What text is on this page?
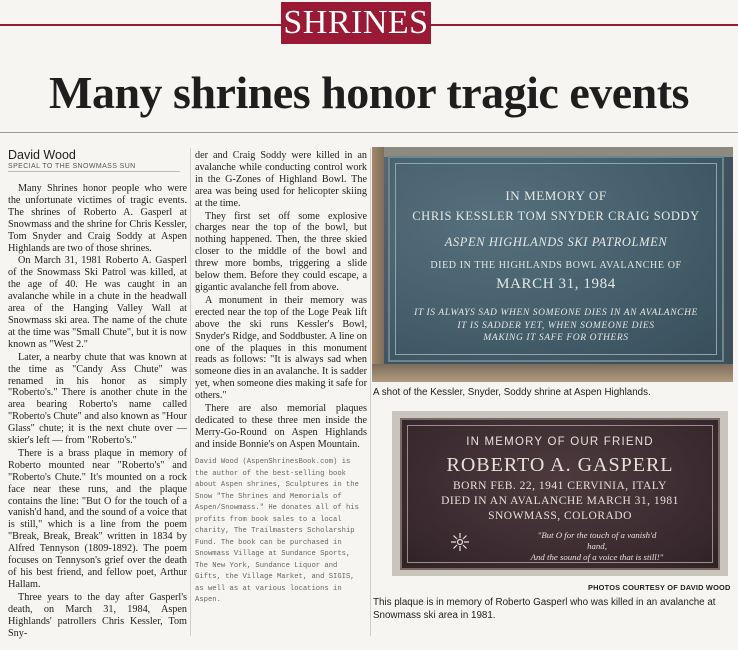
SHRINES
Many shrines honor tragic events
David Wood
SPECIAL TO THE SNOWMASS SUN

Many Shrines honor people who were the unfortunate victimes of tragic events. The shrines of Roberto A. Gasperl at Snowmass and the shrine for Chris Kessler, Tom Snyder and Craig Soddy at Aspen Highlands are two of those shrines.

On March 31, 1981 Roberto A. Gasperl of the Snowmass Ski Patrol was killed, at the age of 40. He was caught in an avalanche while in a chute in the headwall area of the Hanging Valley Wall at Snowmass ski area. The name of the chute at the time was "Small Chute", but it is now known as "West 2."

Later, a nearby chute that was known at the time as "Candy Ass Chute" was renamed in his honor as simply "Roberto's." There is another chute in the area bearing Roberto's name called "Roberto's Chute" and also known as "Hour Glass" chute; it is the next chute over — skier's left — from "Roberto's."

There is a brass plaque in memory of Roberto mounted near "Roberto's" and "Roberto's Chute." It's mounted on a rock face near these runs, and the plaque contains the line: "But O for the touch of a vanish'd hand, and the sound of a voice that is still," which is a line from the poem "Break, Break, Break" written in 1834 by Alfred Tennyson (1809-1892). The poem focuses on Tennyson's grief over the death of his best friend, and fellow poet, Arthur Hallam.

Three years to the day after Gasperl's death, on March 31, 1984, Aspen Highlands' patrollers Chris Kessler, Tom Sny-

der and Craig Soddy were killed in an avalanche while conducting control work in the G-Zones of Highland Bowl. The area was being used for helicopter skiing at the time.

They first set off some explosive charges near the top of the bowl, but nothing happened. Then, the three skied closer to the middle of the bowl and threw more bombs, triggering a slide below them. Before they could escape, a gigantic avalanche fell from above.

A monument in their memory was erected near the top of the Loge Peak lift above the ski runs Kessler's Bowl, Snyder's Ridge, and Soddbuster. A line on one of the plaques in this monument reads as follows: "It is always sad when someone dies in an avalanche. It is sadder yet, when someone dies making it safe for others."

There are also memorial plaques dedicated to these three men inside the Merry-Go-Round on Aspen Highlands and inside Bonnie's on Aspen Mountain.

David Wood (AspenShrinesBook.com) is the author of the best-selling book about Aspen shrines, Sculptures in the Snow "The Shrines and Memorials of Aspen/Snowmass." He donates all of his profits from book sales to a local charity, The Trailmasters Scholarship Fund. The book can be purchased in Snowmass Village at Sundance Sports, The New York, Sundance Liquor and Gifts, the Village Market, and SIGIS, as well as at various locations in Aspen.
IN MEMORY OF
CHRIS KESSLER TOM SNYDER CRAIG SODDY
ASPEN HIGHLANDS SKI PATROLMEN
DIED IN THE HIGHLANDS BOWL AVALANCHE OF
MARCH 31, 1984
IT IS ALWAYS SAD WHEN SOMEONE DIES IN AN AVALANCHE
IT IS SADDER YET, WHEN SOMEONE DIES
MAKING IT SAFE FOR OTHERS
A shot of the Kessler, Snyder, Soddy shrine at Aspen Highlands.
IN MEMORY OF OUR FRIEND
ROBERTO A. GASPERL
BORN FEB. 22, 1941 CERVINIA, ITALY
DIED IN AN AVALANCHE MARCH 31, 1981
SNOWMASS, COLORADO
"But O for the touch of a vanish'd
hand,
And the sound of a voice that is still!"
PHOTOS COURTESY OF DAVID WOOD
This plaque is in memory of Roberto Gasperl who was killed in an avalanche at Snowmass ski area in 1981.
